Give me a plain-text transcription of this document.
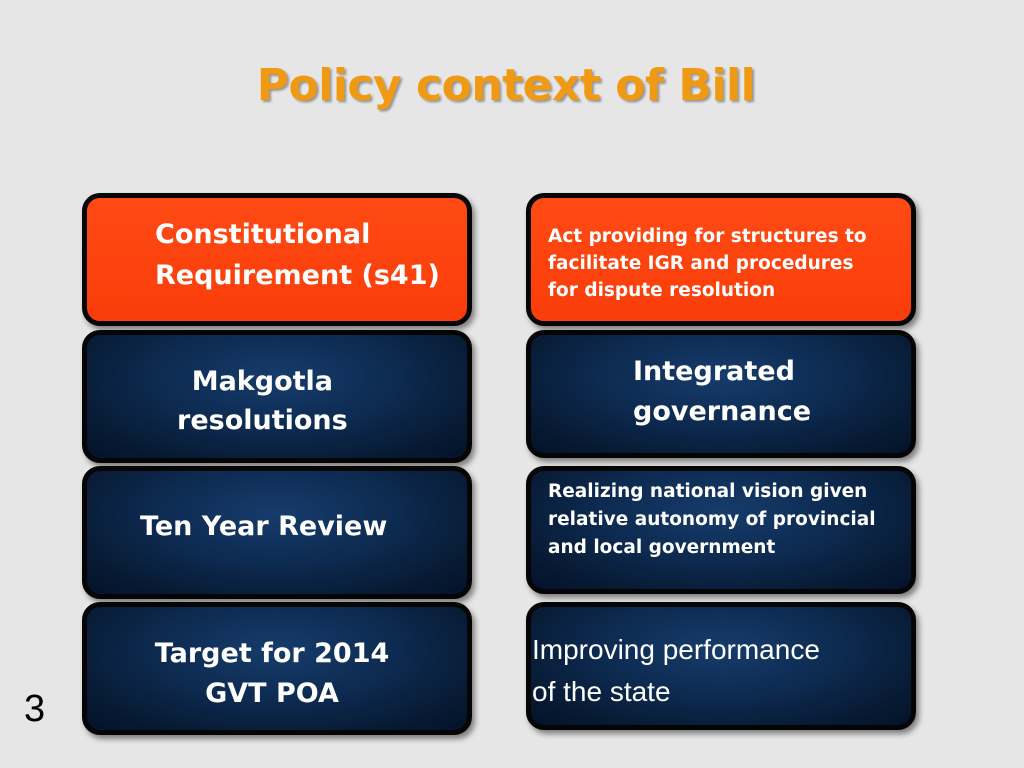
Policy context of Bill
Constitutional
Requirement (s41)
Makgotla
resolutions
Ten Year Review
Target for 2014
GVT POA
Act providing for structures to
facilitate IGR and procedures
for dispute resolution
Integrated
governance
Realizing national vision given
relative autonomy of provincial
and local government
Improving performance
of the state
3
